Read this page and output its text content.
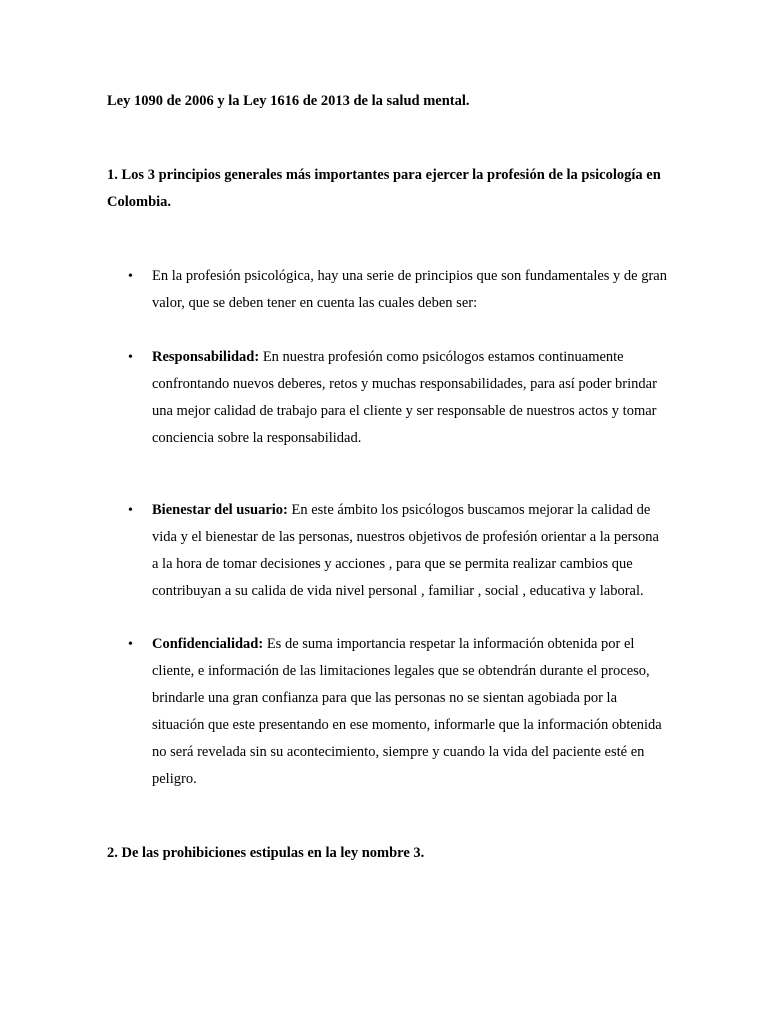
Ley 1090 de 2006 y la Ley 1616 de 2013 de la salud mental.

1. Los 3 principios generales más importantes para ejercer la profesión de la psicología en Colombia.

• En la profesión psicológica, hay una serie de principios que son fundamentales y de gran valor, que se deben tener en cuenta las cuales deben ser:
• Responsabilidad: En nuestra profesión como psicólogos estamos continuamente confrontando nuevos deberes, retos y muchas responsabilidades, para así poder brindar una mejor calidad de trabajo para el cliente y ser responsable de nuestros actos y tomar conciencia sobre la responsabilidad.
• Bienestar del usuario: En este ámbito los psicólogos buscamos mejorar la calidad de vida y el bienestar de las personas, nuestros objetivos de profesión orientar a la persona a la hora de tomar decisiones y acciones , para que se permita realizar cambios que contribuyan a su calida de vida nivel personal , familiar , social , educativa y laboral.
• Confidencialidad: Es de suma importancia respetar la información obtenida por el cliente, e información de las limitaciones legales que se obtendrán durante el proceso, brindarle una gran confianza para que las personas no se sientan agobiada por la situación que este presentando en ese momento, informarle que la información obtenida no será revelada sin su acontecimiento, siempre y cuando la vida del paciente esté en peligro.

2. De las prohibiciones estipulas en la ley nombre 3.
